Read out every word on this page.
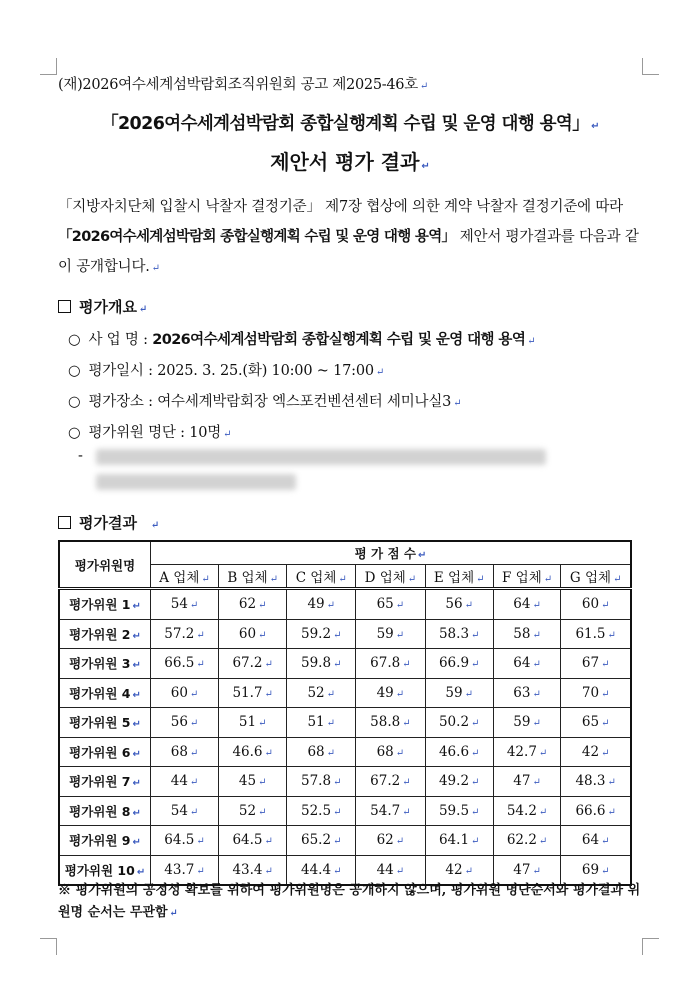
(재)2026여수세계섬박람회조직위원회 공고 제2025-46호 ↵
「2026여수세계섬박람회 종합실행계획 수립 및 운영 대행 용역」 ↵
제안서 평가 결과 ↵
「지방자치단체 입찰시 낙찰자 결정기준」 제7장 협상에 의한 계약 낙찰자 결정기준에 따라 「2026여수세계섬박람회 종합실행계획 수립 및 운영 대행 용역」 제안서 평가결과를 다음과 같이 공개합니다. ↵
평가개요 ↵
○ 사 업 명 : 2026여수세계섬박람회 종합실행계획 수립 및 운영 대행 용역 ↵
○ 평가일시 : 2025. 3. 25.(화) 10:00 ~ 17:00 ↵
○ 평가장소 : 여수세계박람회장 엑스포컨벤션센터 세미나실3 ↵
○ 평가위원 명단 : 10명 ↵
-
평가결과 ↵
평가위원명	평 가 점 수 ↵						
	A 업체 ↵	B 업체 ↵	C 업체 ↵	D 업체 ↵	E 업체 ↵	F 업체 ↵	G 업체 ↵
평가위원 1 ↵	54 ↵	62 ↵	49 ↵	65 ↵	56 ↵	64 ↵	60 ↵
평가위원 2 ↵	57.2 ↵	60 ↵	59.2 ↵	59 ↵	58.3 ↵	58 ↵	61.5 ↵
평가위원 3 ↵	66.5 ↵	67.2 ↵	59.8 ↵	67.8 ↵	66.9 ↵	64 ↵	67 ↵
평가위원 4 ↵	60 ↵	51.7 ↵	52 ↵	49 ↵	59 ↵	63 ↵	70 ↵
평가위원 5 ↵	56 ↵	51 ↵	51 ↵	58.8 ↵	50.2 ↵	59 ↵	65 ↵
평가위원 6 ↵	68 ↵	46.6 ↵	68 ↵	68 ↵	46.6 ↵	42.7 ↵	42 ↵
평가위원 7 ↵	44 ↵	45 ↵	57.8 ↵	67.2 ↵	49.2 ↵	47 ↵	48.3 ↵
평가위원 8 ↵	54 ↵	52 ↵	52.5 ↵	54.7 ↵	59.5 ↵	54.2 ↵	66.6 ↵
평가위원 9 ↵	64.5 ↵	64.5 ↵	65.2 ↵	62 ↵	64.1 ↵	62.2 ↵	64 ↵
평가위원 10 ↵	43.7 ↵	43.4 ↵	44.4 ↵	44 ↵	42 ↵	47 ↵	69 ↵
※ 평가위원의 공정성 확보를 위하여 평가위원명은 공개하지 않으며, 평가위원 명단순서와 평가결과 위원명 순서는 무관함 ↵
